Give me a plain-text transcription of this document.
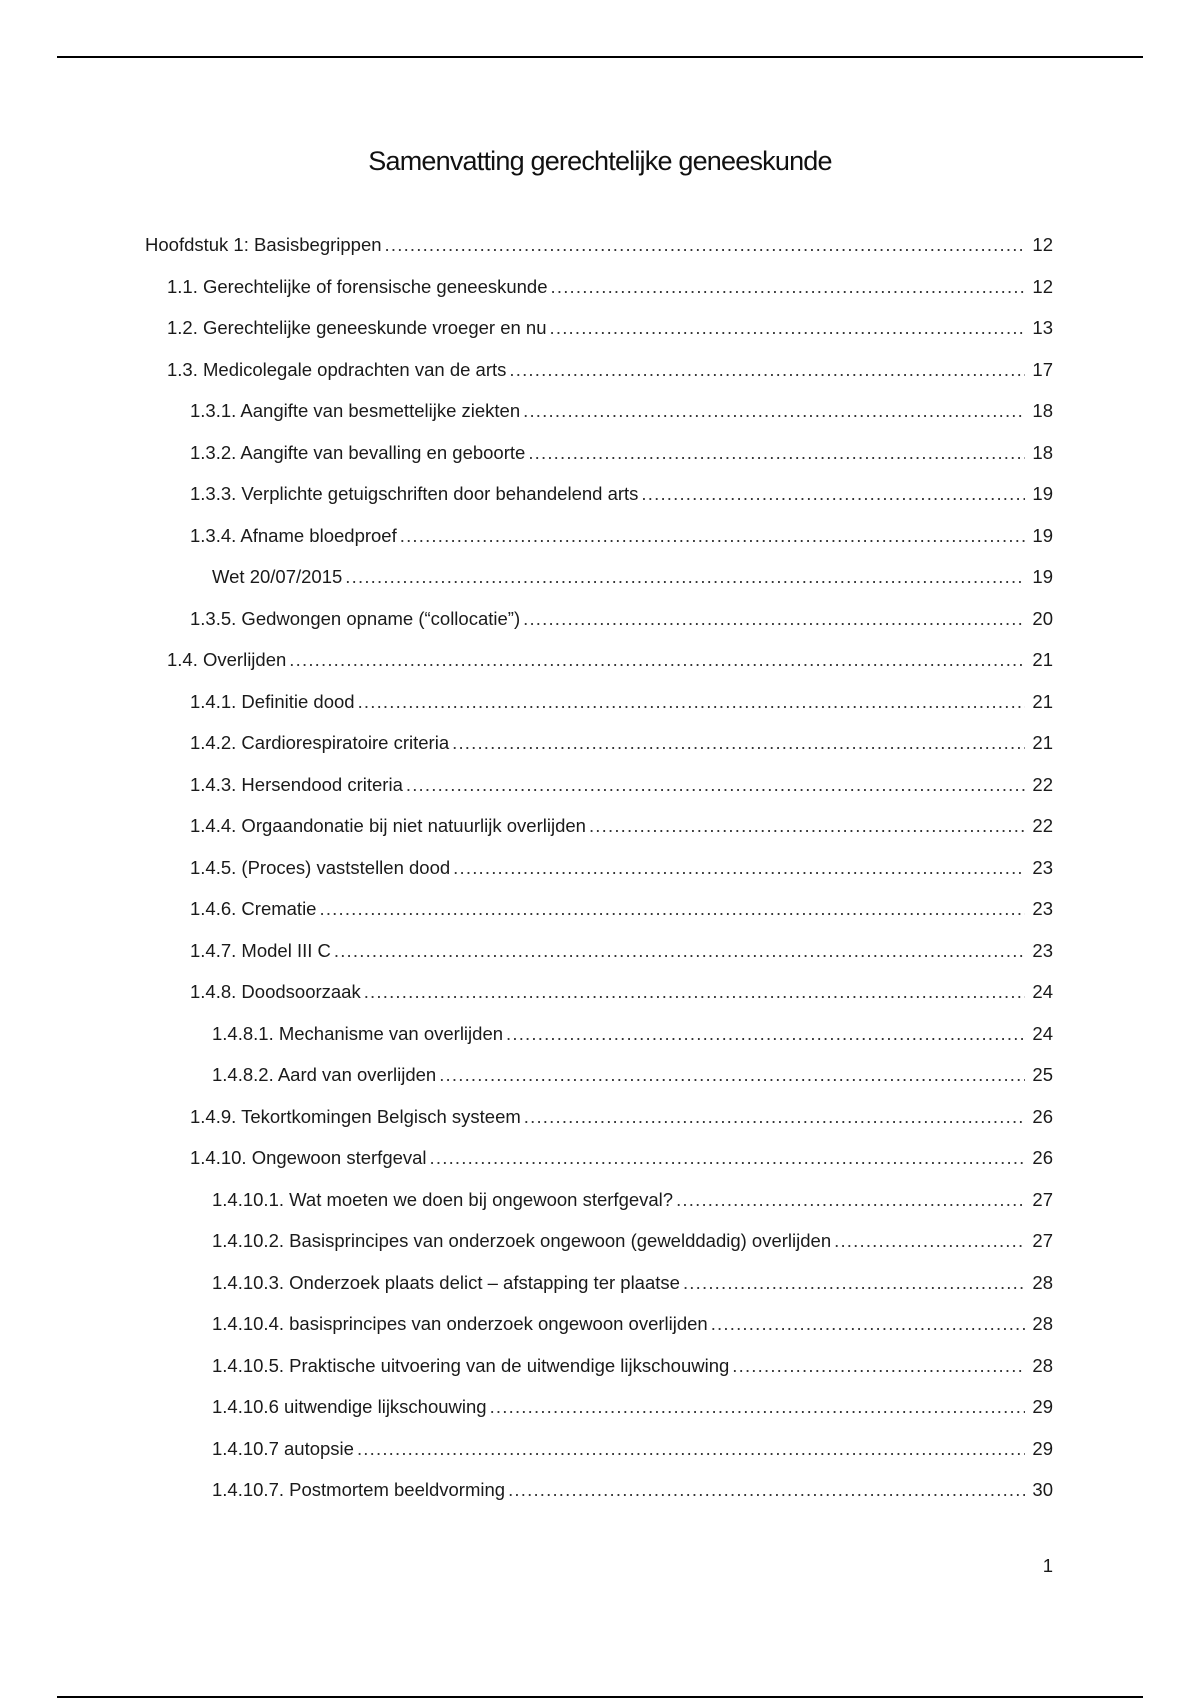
Samenvatting gerechtelijke geneeskunde
Hoofdstuk 1: Basisbegrippen .....	12
1.1. Gerechtelijke of forensische geneeskunde .....	12
1.2. Gerechtelijke geneeskunde vroeger en nu .....	13
1.3. Medicolegale opdrachten van de arts .....	17
1.3.1. Aangifte van besmettelijke ziekten .....	18
1.3.2. Aangifte van bevalling en geboorte .....	18
1.3.3. Verplichte getuigschriften door behandelend arts .....	19
1.3.4. Afname bloedproef .....	19
Wet 20/07/2015 .....	19
1.3.5. Gedwongen opname (“collocatie”) .....	20
1.4. Overlijden .....	21
1.4.1. Definitie dood .....	21
1.4.2. Cardiorespiratoire criteria .....	21
1.4.3. Hersendood criteria .....	22
1.4.4. Orgaandonatie bij niet natuurlijk overlijden .....	22
1.4.5. (Proces) vaststellen dood .....	23
1.4.6. Crematie .....	23
1.4.7. Model III C .....	23
1.4.8. Doodsoorzaak .....	24
1.4.8.1. Mechanisme van overlijden .....	24
1.4.8.2. Aard van overlijden .....	25
1.4.9. Tekortkomingen Belgisch systeem .....	26
1.4.10. Ongewoon sterfgeval .....	26
1.4.10.1. Wat moeten we doen bij ongewoon sterfgeval? .....	27
1.4.10.2. Basisprincipes van onderzoek ongewoon (gewelddadig) overlijden .....	27
1.4.10.3. Onderzoek plaats delict – afstapping ter plaatse .....	28
1.4.10.4. basisprincipes van onderzoek ongewoon overlijden .....	28
1.4.10.5. Praktische uitvoering van de uitwendige lijkschouwing .....	28
1.4.10.6 uitwendige lijkschouwing .....	29
1.4.10.7 autopsie .....	29
1.4.10.7. Postmortem beeldvorming .....	30

1
